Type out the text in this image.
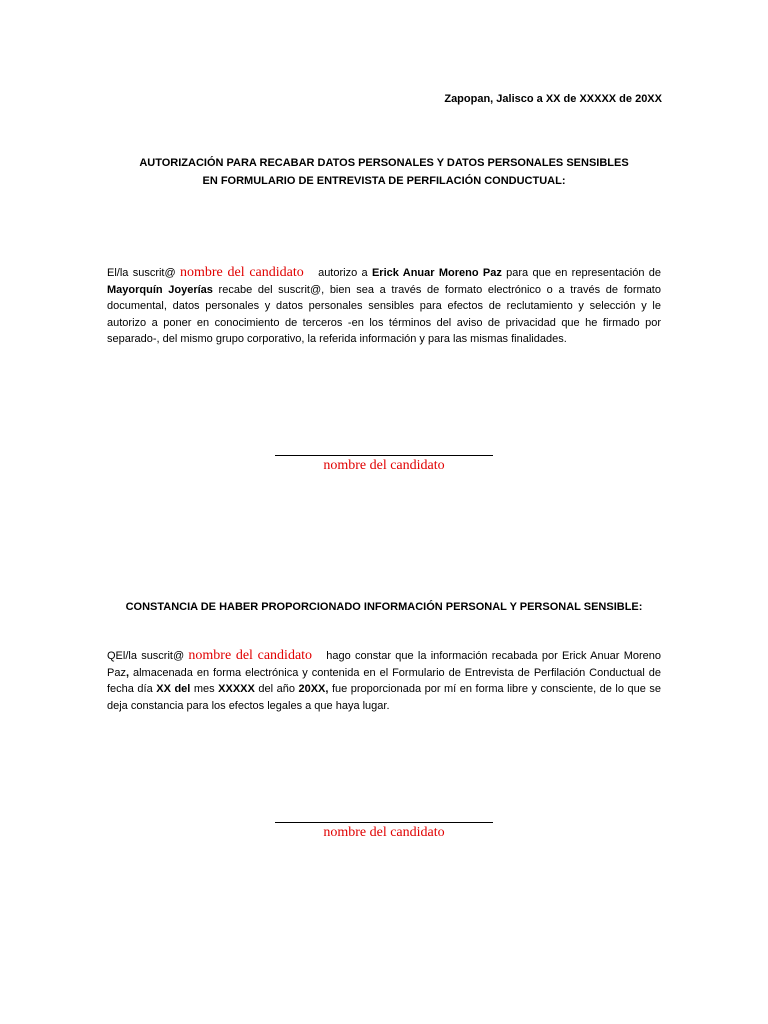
Zapopan, Jalisco a XX de XXXXX de 20XX
AUTORIZACIÓN PARA RECABAR DATOS PERSONALES Y DATOS PERSONALES SENSIBLES
EN FORMULARIO DE ENTREVISTA DE PERFILACIÓN CONDUCTUAL:
El/la suscrit@ nombre del candidato autorizo a Erick Anuar Moreno Paz para que en representación de Mayorquín Joyerías recabe del suscrit@, bien sea a través de formato electrónico o a través de formato documental, datos personales y datos personales sensibles para efectos de reclutamiento y selección y le autorizo a poner en conocimiento de terceros -en los términos del aviso de privacidad que he firmado por separado-, del mismo grupo corporativo, la referida información y para las mismas finalidades.
nombre del candidato
CONSTANCIA DE HABER PROPORCIONADO INFORMACIÓN PERSONAL Y PERSONAL SENSIBLE:
QEl/la suscrit@ nombre del candidato hago constar que la información recabada por Erick Anuar Moreno Paz, almacenada en forma electrónica y contenida en el Formulario de Entrevista de Perfilación Conductual de fecha día XX del mes XXXXX del año 20XX, fue proporcionada por mí en forma libre y consciente, de lo que se deja constancia para los efectos legales a que haya lugar.
nombre del candidato
